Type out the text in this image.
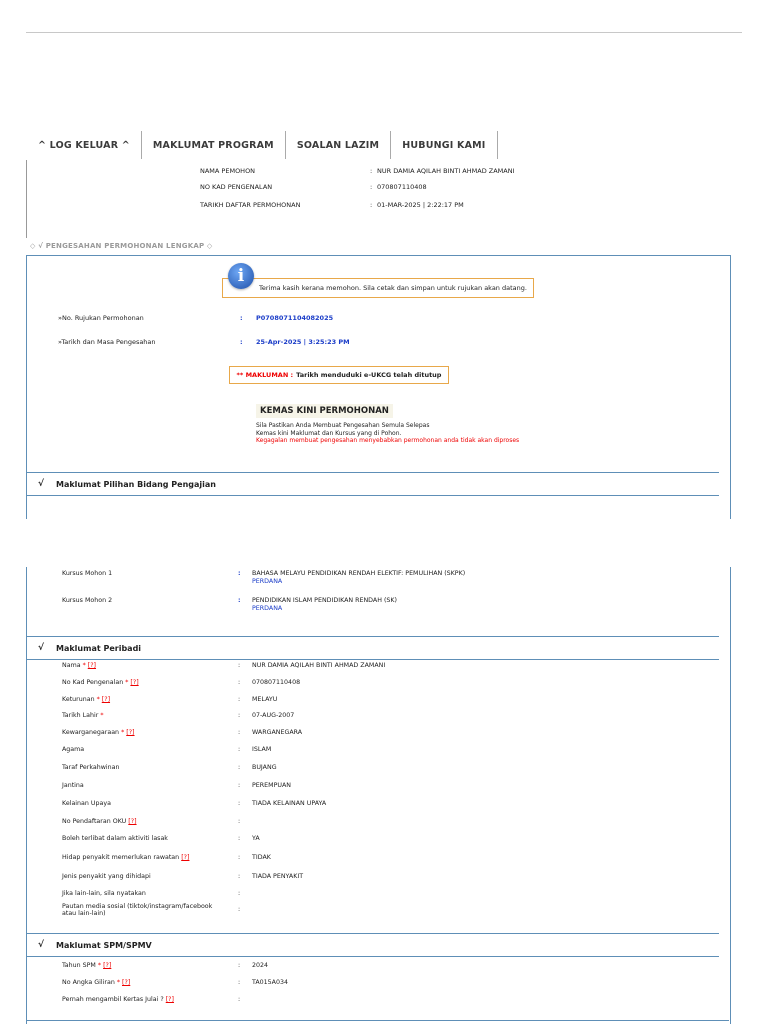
^ LOG KELUAR ^	MAKLUMAT PROGRAM	SOALAN LAZIM	HUBUNGI KAMI
NAMA PEMOHON	: NUR DAMIA AQILAH BINTI AHMAD ZAMANI
NO KAD PENGENALAN	: 070807110408
TARIKH DAFTAR PERMOHONAN	: 01-MAR-2025 | 2:22:17 PM
◇ √ PENGESAHAN PERMOHONAN LENGKAP ◇
Terima kasih kerana memohon. Sila cetak dan simpan untuk rujukan akan datang.
i
»No. Rujukan Permohonan	: P0708071104082025
»Tarikh dan Masa Pengesahan	: 25-Apr-2025 | 3:25:23 PM
** MAKLUMAN : Tarikh menduduki e-UKCG telah ditutup
KEMAS KINI PERMOHONAN
Sila Pastikan Anda Membuat Pengesahan Semula Selepas
Kemas kini Maklumat dan Kursus yang di Pohon.
Kegagalan membuat pengesahan menyebabkan permohonan anda tidak akan diproses
√	Maklumat Pilihan Bidang Pengajian
Kursus Mohon 1	: BAHASA MELAYU PENDIDIKAN RENDAH ELEKTIF: PEMULIHAN (SKPK)
PERDANA
Kursus Mohon 2	: PENDIDIKAN ISLAM PENDIDIKAN RENDAH (SK)
PERDANA
√	Maklumat Peribadi
Nama * [?]	: NUR DAMIA AQILAH BINTI AHMAD ZAMANI
No Kad Pengenalan * [?]	: 070807110408
Keturunan * [?]	: MELAYU
Tarikh Lahir *	: 07-AUG-2007
Kewarganegaraan * [?]	: WARGANEGARA
Agama	: ISLAM
Taraf Perkahwinan	: BUJANG
Jantina	: PEREMPUAN
Kelainan Upaya	: TIADA KELAINAN UPAYA
No Pendaftaran OKU [?]	:
Boleh terlibat dalam aktiviti lasak	: YA
Hidap penyakit memerlukan rawatan [?]	: TIDAK
Jenis penyakit yang dihidapi	: TIADA PENYAKIT
Jika lain-lain, sila nyatakan	:
Pautan media sosial (tiktok/instagram/facebook
atau lain-lain)
:
√	Maklumat SPM/SPMV
Tahun SPM * [?]	: 2024
No Angka Giliran * [?]	: TA015A034
Pernah mengambil Kertas Julai ? [?]	:
